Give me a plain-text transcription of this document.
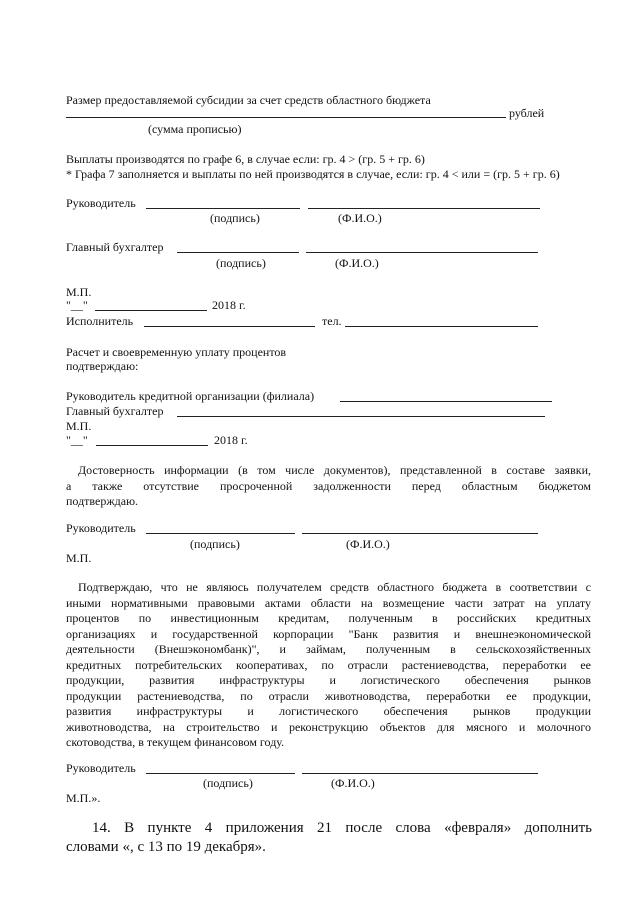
Размер предоставляемой субсидии за счет средств областного бюджета
рублей
(сумма прописью)
Выплаты производятся по графе 6, в случае если: гр. 4 > (гр. 5 + гр. 6)
* Графа 7 заполняется и выплаты по ней производятся в случае, если: гр. 4 < или = (гр. 5 + гр. 6)
Руководитель
(подпись)	(Ф.И.О.)
Главный бухгалтер
(подпись)	(Ф.И.О.)
М.П.
"__"	2018 г.
Исполнитель	тел.
Расчет и своевременную уплату процентов
подтверждаю:
Руководитель кредитной организации (филиала)
Главный бухгалтер
М.П.
"__"	2018 г.
Достоверность информации (в том числе документов), представленной в составе заявки,
а также отсутствие просроченной задолженности перед областным бюджетом
подтверждаю.
Руководитель
(подпись)	(Ф.И.О.)
М.П.
Подтверждаю, что не являюсь получателем средств областного бюджета в соответствии с
иными нормативными правовыми актами области на возмещение части затрат на уплату
процентов по инвестиционным кредитам, полученным в российских кредитных
организациях и государственной корпорации "Банк развития и внешнеэкономической
деятельности (Внешэкономбанк)", и займам, полученным в сельскохозяйственных
кредитных потребительских кооперативах, по отрасли растениеводства, переработки ее
продукции, развития инфраструктуры и логистического обеспечения рынков
продукции растениеводства, по отрасли животноводства, переработки ее продукции,
развития инфраструктуры и логистического обеспечения рынков продукции
животноводства, на строительство и реконструкцию объектов для мясного и молочного
скотоводства, в текущем финансовом году.
Руководитель
(подпись)	(Ф.И.О.)
М.П.».
14. В пункте 4 приложения 21 после слова «февраля» дополнить
словами «, с 13 по 19 декабря».
